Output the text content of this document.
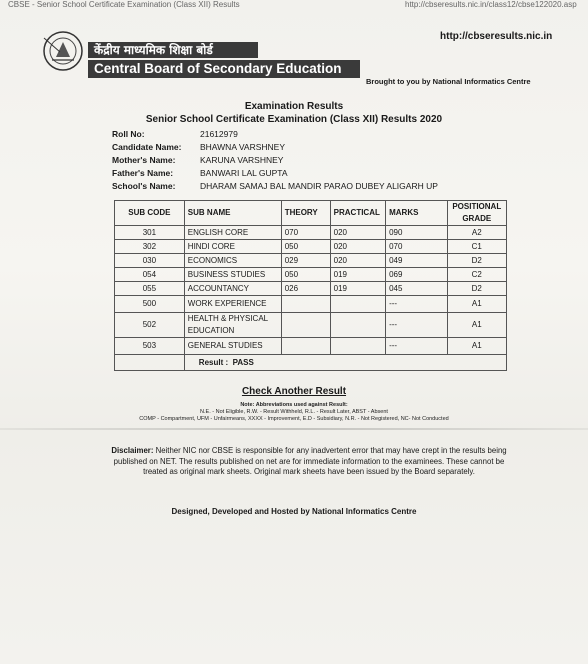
CBSE - Senior School Certificate Examination (Class XII) Results	http://cbseresults.nic.in/class12/cbse122020.asp
केंद्रीय माध्यमिक शिक्षा बोर्ड
Central Board of Secondary Education
http://cbseresults.nic.in
Brought to you by National Informatics Centre
Examination Results
Senior School Certificate Examination (Class XII) Results 2020
Roll No:	21612979
Candidate Name: BHAWNA VARSHNEY
Mother's Name:	KARUNA VARSHNEY
Father's Name:	BANWARI LAL GUPTA
School's Name:	DHARAM SAMAJ BAL MANDIR PARAO DUBEY ALIGARH UP
SUB CODE	SUB NAME	THEORY	PRACTICAL	MARKS	POSITIONAL GRADE
301	ENGLISH CORE	070	020	090	A2
302	HINDI CORE	050	020	070	C1
030	ECONOMICS	029	020	049	D2
054	BUSINESS STUDIES	050	019	069	C2
055	ACCOUNTANCY	026	019	045	D2
500	WORK EXPERIENCE			---	A1
502	HEALTH & PHYSICAL EDUCATION			---	A1
503	GENERAL STUDIES			---	A1
	Result : PASS				
Check Another Result
Note: Abbreviations used against Result:
N.E. - Not Eligible, R.W. - Result Withheld, R.L. - Result Later, ABST - Absent
COMP - Compartment, UFM - Unfairmeans, XXXX - Improvement, E.D - Subsidiary, N.R. - Not Registered, NC- Not Conducted
Disclaimer: Neither NIC nor CBSE is responsible for any inadvertent error that may have crept in the results being published on NET. The results published on net are for immediate information to the examinees. These cannot be treated as original mark sheets. Original mark sheets have been issued by the Board separately.
Designed, Developed and Hosted by National Informatics Centre
